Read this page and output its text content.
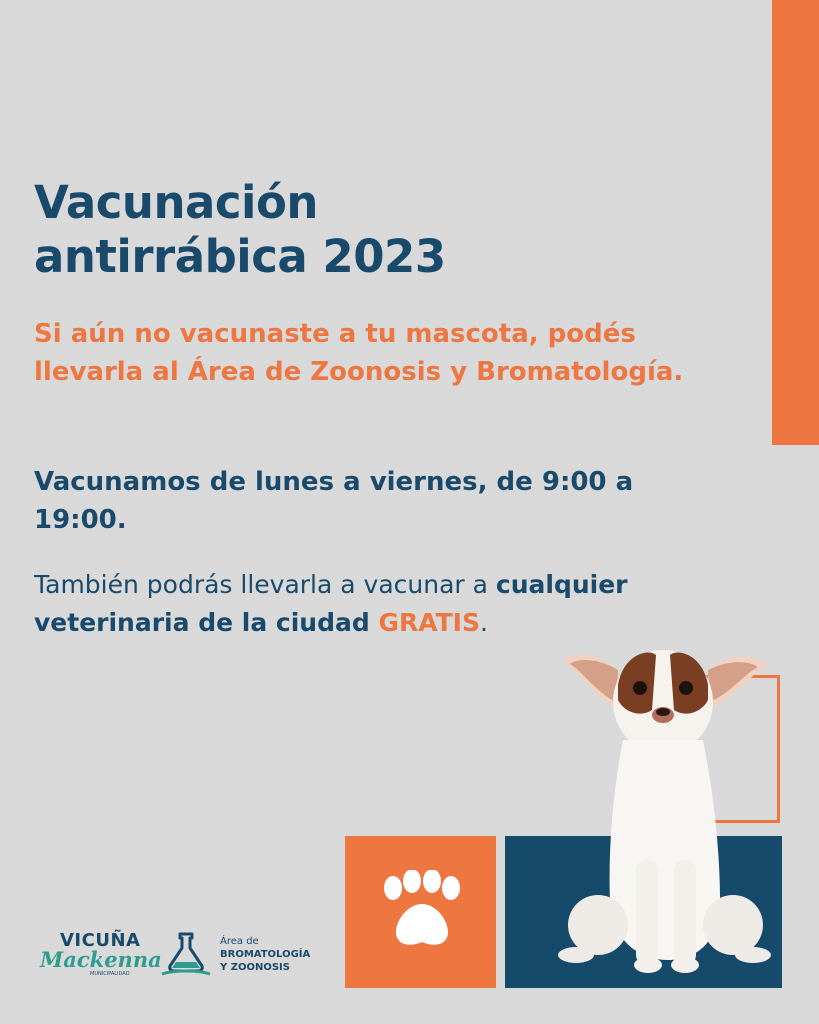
Vacunación
antirrábica 2023
Si aún no vacunaste a tu mascota, podés llevarla al Área de Zoonosis y Bromatología.
Vacunamos de lunes a viernes, de 9:00 a 19:00.
También podrás llevarla a vacunar a cualquier veterinaria de la ciudad GRATIS.
VICUÑA
Mackenna
MUNICIPALIDAD
Área de
BROMATOLOGÍA
Y ZOONOSIS
